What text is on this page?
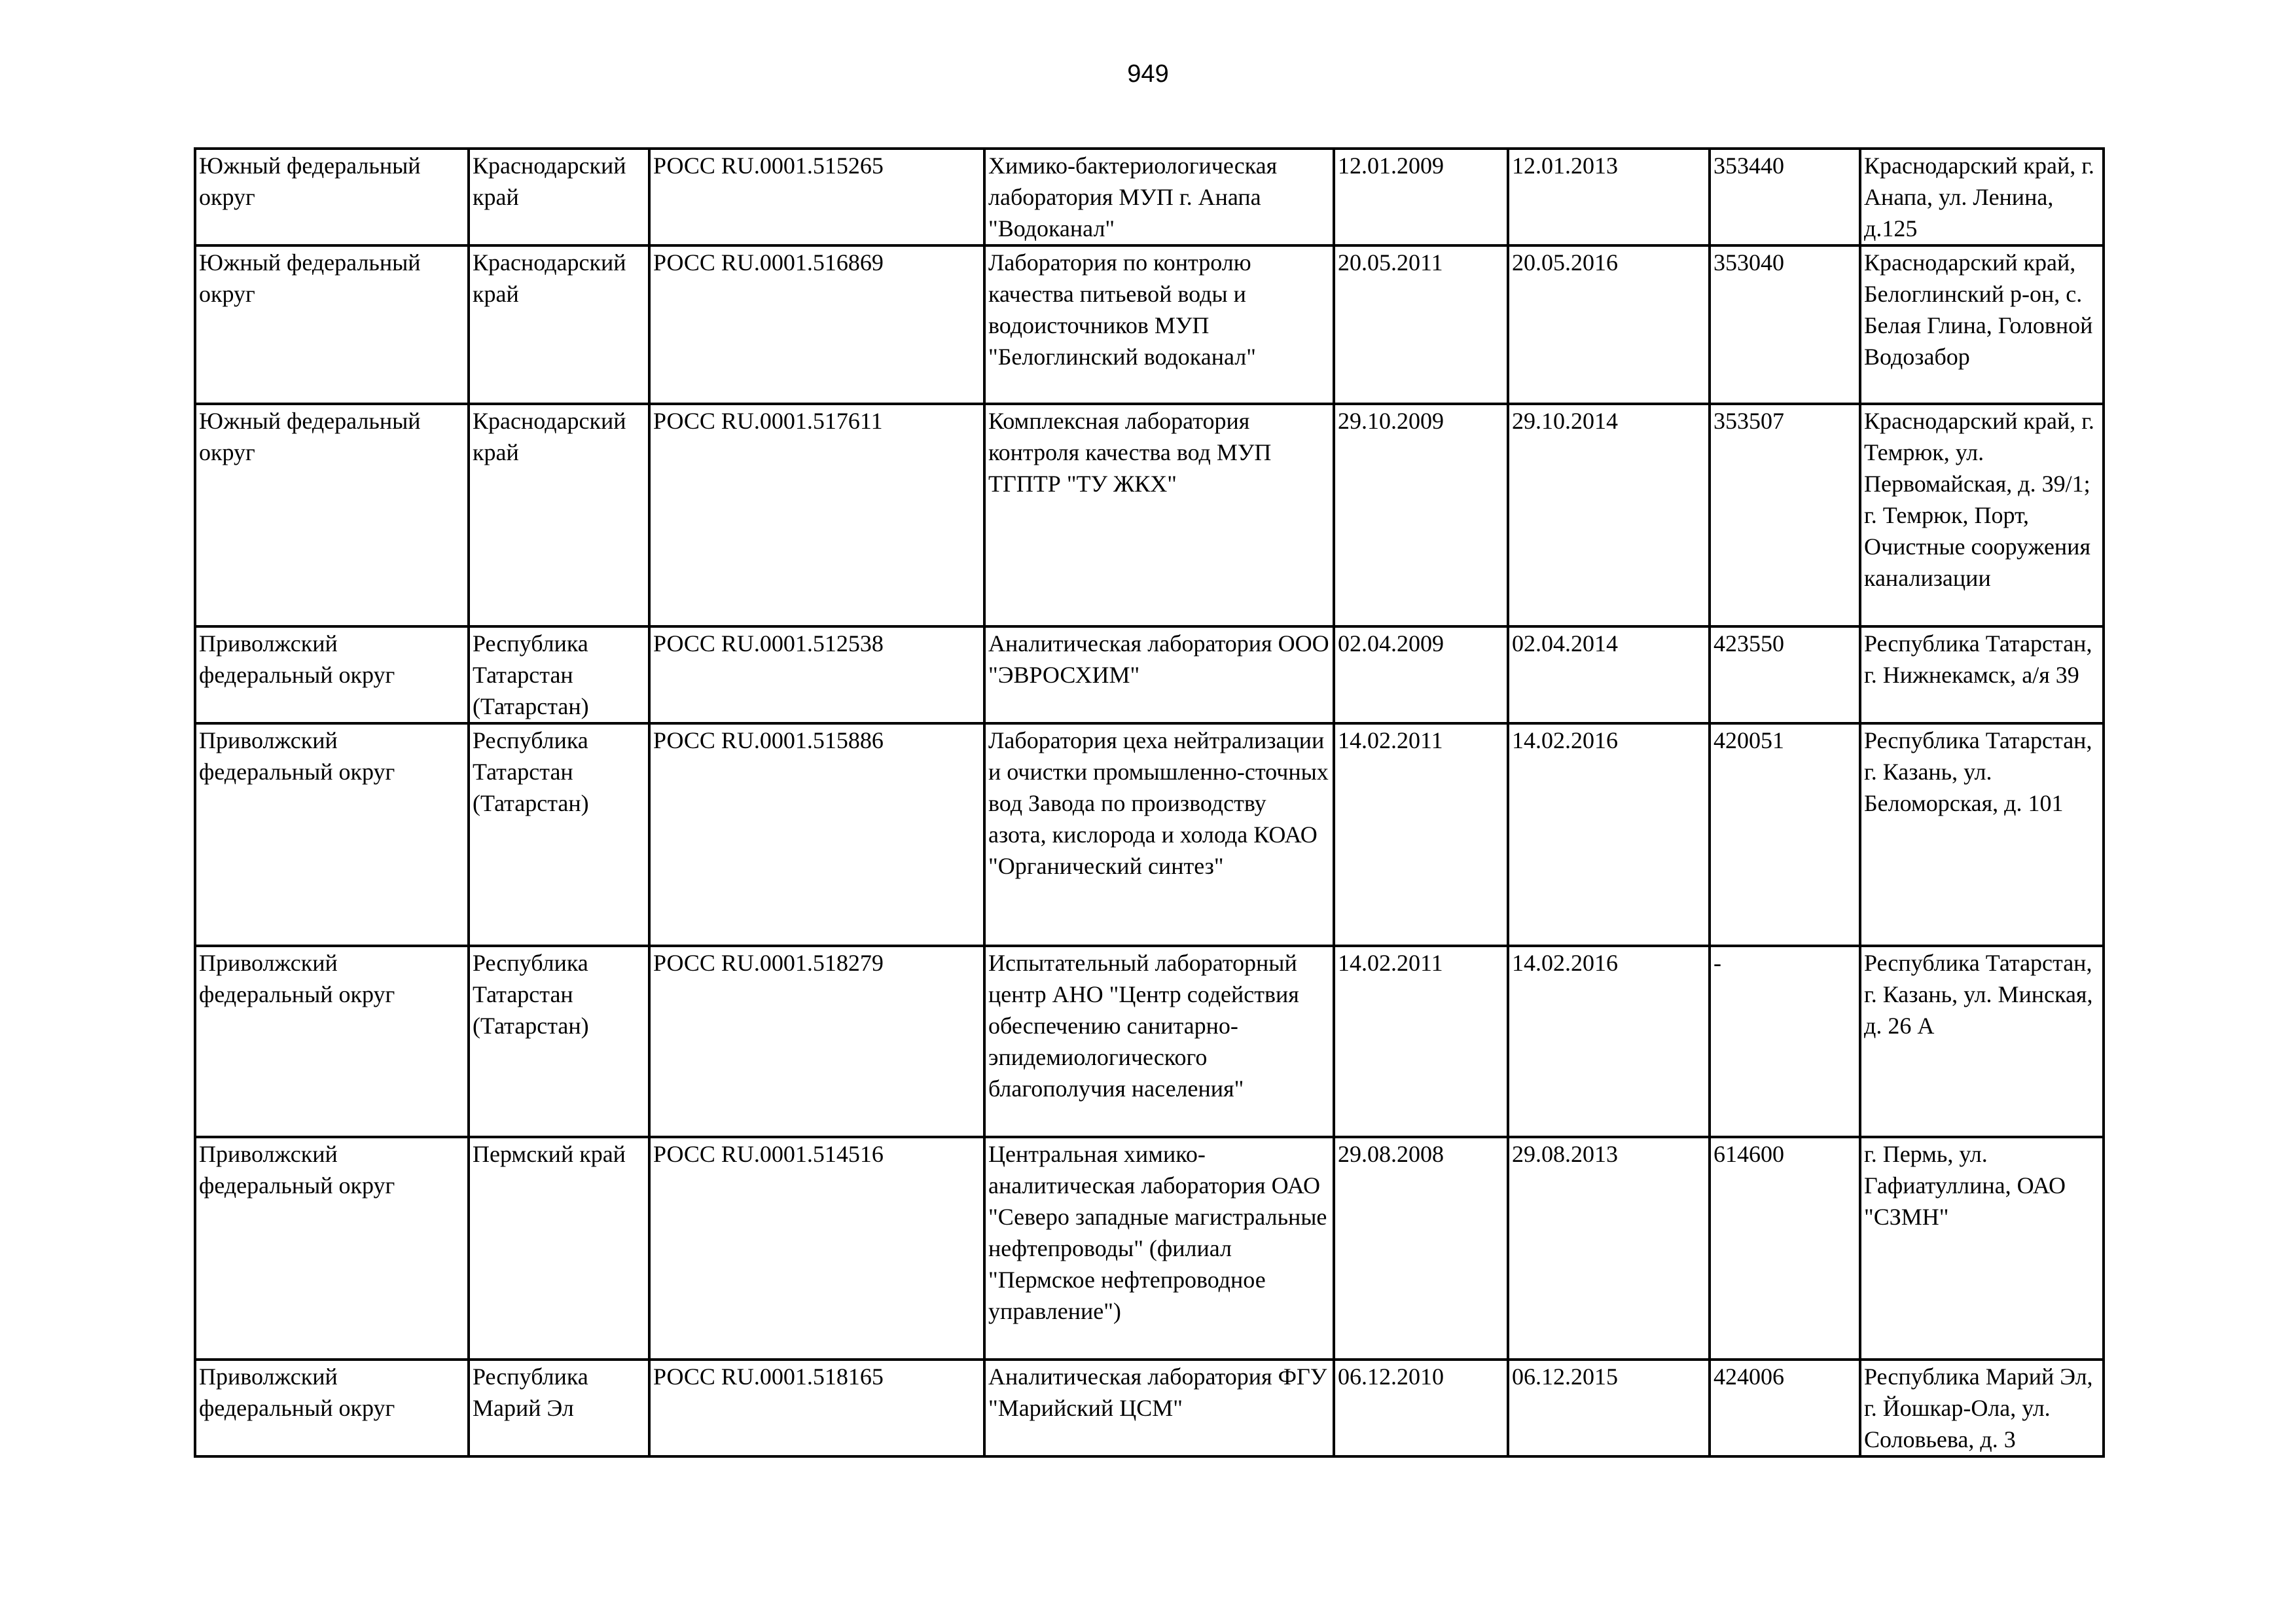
949
Южный федеральный округ	Краснодарский край	РОСС RU.0001.515265	Химико-бактериологическая лаборатория МУП г. Анапа "Водоканал"	12.01.2009	12.01.2013	353440	Краснодарский край, г. Анапа, ул. Ленина, д.125
Южный федеральный округ	Краснодарский край	РОСС RU.0001.516869	Лаборатория по контролю качества питьевой воды и водоисточников МУП "Белоглинский водоканал"	20.05.2011	20.05.2016	353040	Краснодарский край, Белоглинский р-он, с. Белая Глина, Головной Водозабор
Южный федеральный округ	Краснодарский край	РОСС RU.0001.517611	Комплексная лаборатория контроля качества вод МУП ТГПТР "ТУ ЖКХ"	29.10.2009	29.10.2014	353507	Краснодарский край, г. Темрюк, ул. Первомайская, д. 39/1; г. Темрюк, Порт, Очистные сооружения канализации
Приволжский федеральный округ	Республика Татарстан (Татарстан)	РОСС RU.0001.512538	Аналитическая лаборатория ООО "ЭВРОСХИМ"	02.04.2009	02.04.2014	423550	Республика Татарстан, г. Нижнекамск, а/я 39
Приволжский федеральный округ	Республика Татарстан (Татарстан)	РОСС RU.0001.515886	Лаборатория цеха нейтрализации и очистки промышленно-сточных вод Завода по производству азота, кислорода и холода КОАО "Органический синтез"	14.02.2011	14.02.2016	420051	Республика Татарстан, г. Казань, ул. Беломорская, д. 101
Приволжский федеральный округ	Республика Татарстан (Татарстан)	РОСС RU.0001.518279	Испытательный лабораторный центр АНО "Центр содействия обеспечению санитарно-эпидемиологического благополучия населения"	14.02.2011	14.02.2016	-	Республика Татарстан, г. Казань, ул. Минская, д. 26 А
Приволжский федеральный округ	Пермский край	РОСС RU.0001.514516	Центральная химико-аналитическая лаборатория ОАО "Северо западные магистральные нефтепроводы" (филиал "Пермское нефтепроводное управление")	29.08.2008	29.08.2013	614600	г. Пермь, ул. Гафиатуллина, ОАО "СЗМН"
Приволжский федеральный округ	Республика Марий Эл	РОСС RU.0001.518165	Аналитическая лаборатория ФГУ "Марийский ЦСМ"	06.12.2010	06.12.2015	424006	Республика Марий Эл, г. Йошкар-Ола, ул. Соловьева, д. 3
